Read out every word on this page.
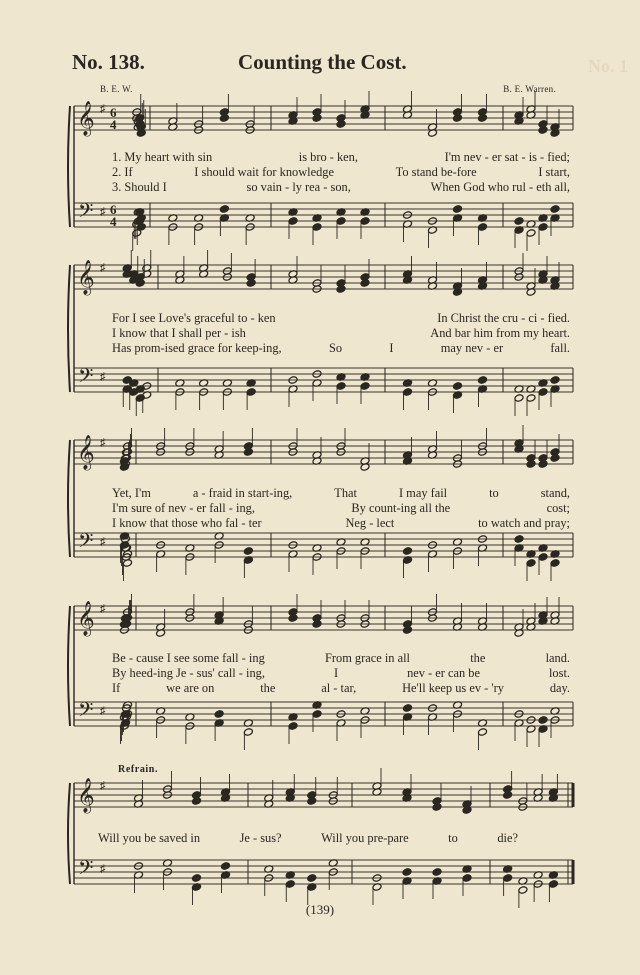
No. 1
No. 138.	Counting the Cost.
B. E. W.	B. E. Warren.
Refrain.
(139)
𝄞
𝄢
♯
♯
6
6
4
4
𝄞
𝄢
♯
♯
𝄞
𝄢
♯
♯
𝄞
𝄢
♯
♯
𝄞
𝄢
♯
♯
1. My heart with sin	is bro - ken,	I'm nev - er sat - is - fied;
2. If	I should wait for knowledge	To stand be-fore	I start,
3. Should I	so vain - ly rea - son,	When God who rul - eth all,
For I see Love's graceful to - ken	In Christ the cru - ci - fied.
I know that I shall per - ish	And bar him from my heart.
Has prom-ised grace for keep-ing,	So	I	may nev - er	fall.
Yet, I'm	a - fraid in start-ing,	That	I may fail	to	stand,
I'm sure of nev - er fall - ing,	By count-ing all the	cost;
I know that those who fal - ter	Neg - lect	to watch and pray;
Be - cause I see some fall - ing	From grace in all	the	land.
By heed-ing Je - sus' call - ing,	I	nev - er can be	lost.
If	we are on	the	al - tar,	He'll keep us ev - 'ry	day.
Will you be saved in	Je - sus?	Will you pre-pare	to	die?
